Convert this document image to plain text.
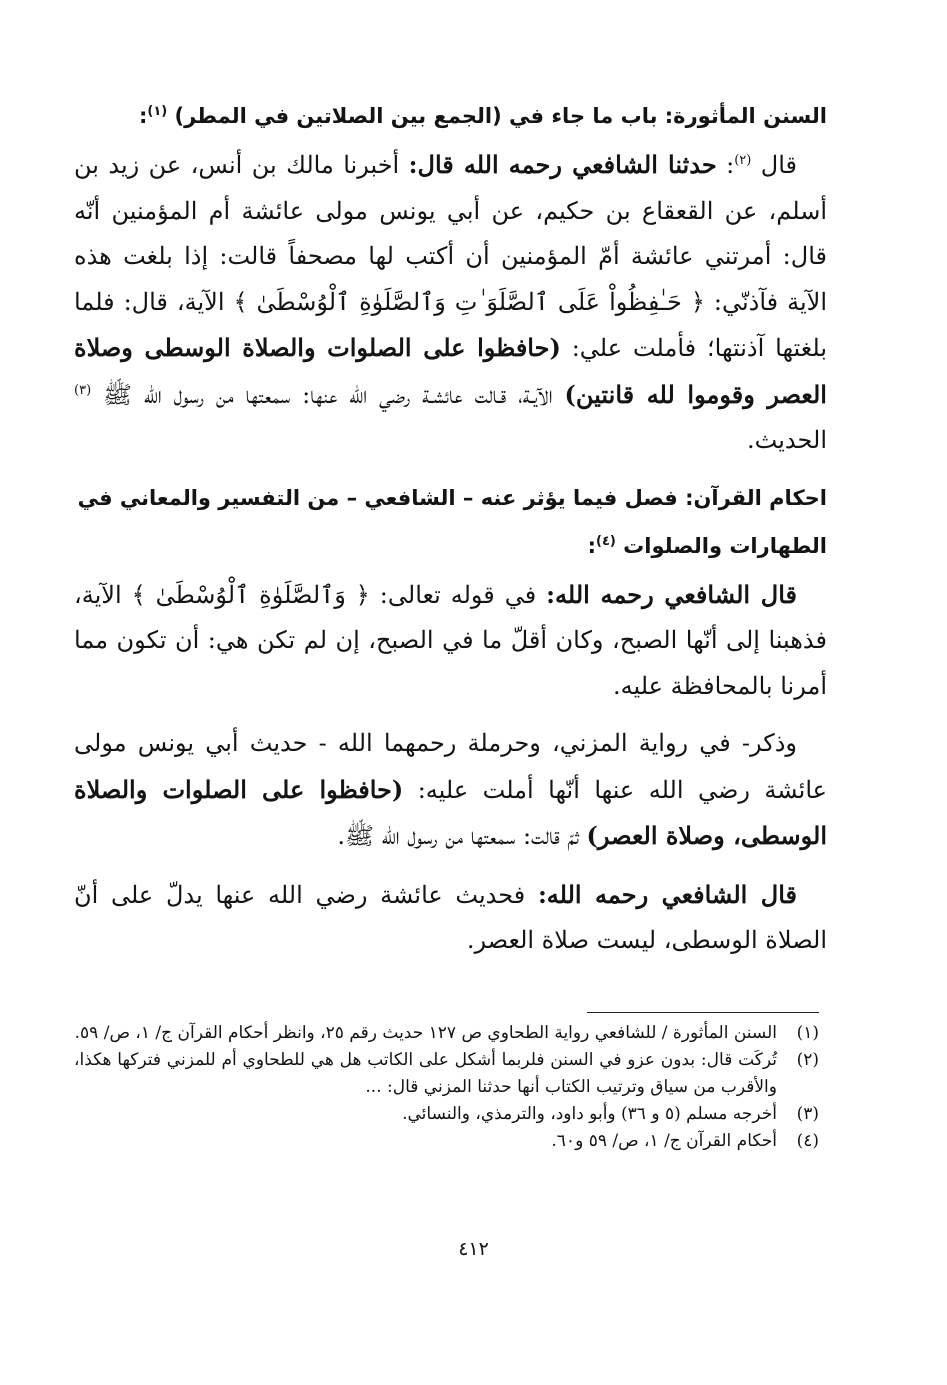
السنن المأثورة: باب ما جاء في (الجمع بين الصلاتين في المطر) $^{(١)}$:

قال $^{(٢)}$: حدثنا الشافعي رحمه الله قال: أخبرنا مالك بن أنس، عن زيد بن أسلم، عن القعقاع بن حكيم، عن أبي يونس مولى عائشة أم المؤمنين أنّه قال: أمرتني عائشة أمّ المؤمنين أن أكتب لها مصحفاً قالت: إذا بلغت هذه الآية فآذنّي: ﴿ حَـٰفِظُواْ عَلَى ٱلصَّلَوَ ٰتِ وَٱلصَّلَوٰةِ ٱلْوُسْطَىٰ ﴾ الآية، قال: فلما بلغتها آذنتها؛ فأملت علي: (حافظوا على الصلوات والصلاة الوسطى وصلاة العصر وقوموا لله قانتين) الآيـة، قـالت عائشـة رضي الله عنها: سمعتها من رسول الله ﷺ $^{(٣)}$ الحديث.

احكام القرآن: فصل فيما يؤثر عنه – الشافعي – من التفسير والمعاني في الطهارات والصلوات $^{(٤)}$:

قال الشافعي رحمه الله: في قوله تعالى: ﴿ وَٱلصَّلَوٰةِ ٱلْوُسْطَىٰ ﴾ الآية، فذهبنا إلى أنّها الصبح، وكان أقلّ ما في الصبح، إن لم تكن هي: أن تكون مما أمرنا بالمحافظة عليه.

وذكر- في رواية المزني، وحرملة رحمهما الله - حديث أبي يونس مولى عائشة رضي الله عنها أنّها أملت عليه: (حافظوا على الصلوات والصلاة الوسطى، وصلاة العصر) ثمّ قالت: سمعتها من رسول الله ﷺ.

قال الشافعي رحمه الله: فحديث عائشة رضي الله عنها يدلّ على أنّ الصلاة الوسطى، ليست صلاة العصر.

(١)
السنن المأثورة / للشافعي رواية الطحاوي ص ١٢٧ حديث رقم ٢٥، وانظر أحكام القرآن ج/ ١، ص/ ٥٩.
(٢)
تُركَت قال: بدون عزو في السنن فلربما أشكل على الكاتب هل هي للطحاوي أم للمزني فتركها هكذا، والأقرب من سياق وترتيب الكتاب أنها حدثنا المزني قال: ...
(٣)
أخرجه مسلم (٥ و ٣٦) وأبو داود، والترمذي، والنسائي.
(٤)
أحكام القرآن ج/ ١، ص/ ٥٩ و٦٠.
٤١٢
